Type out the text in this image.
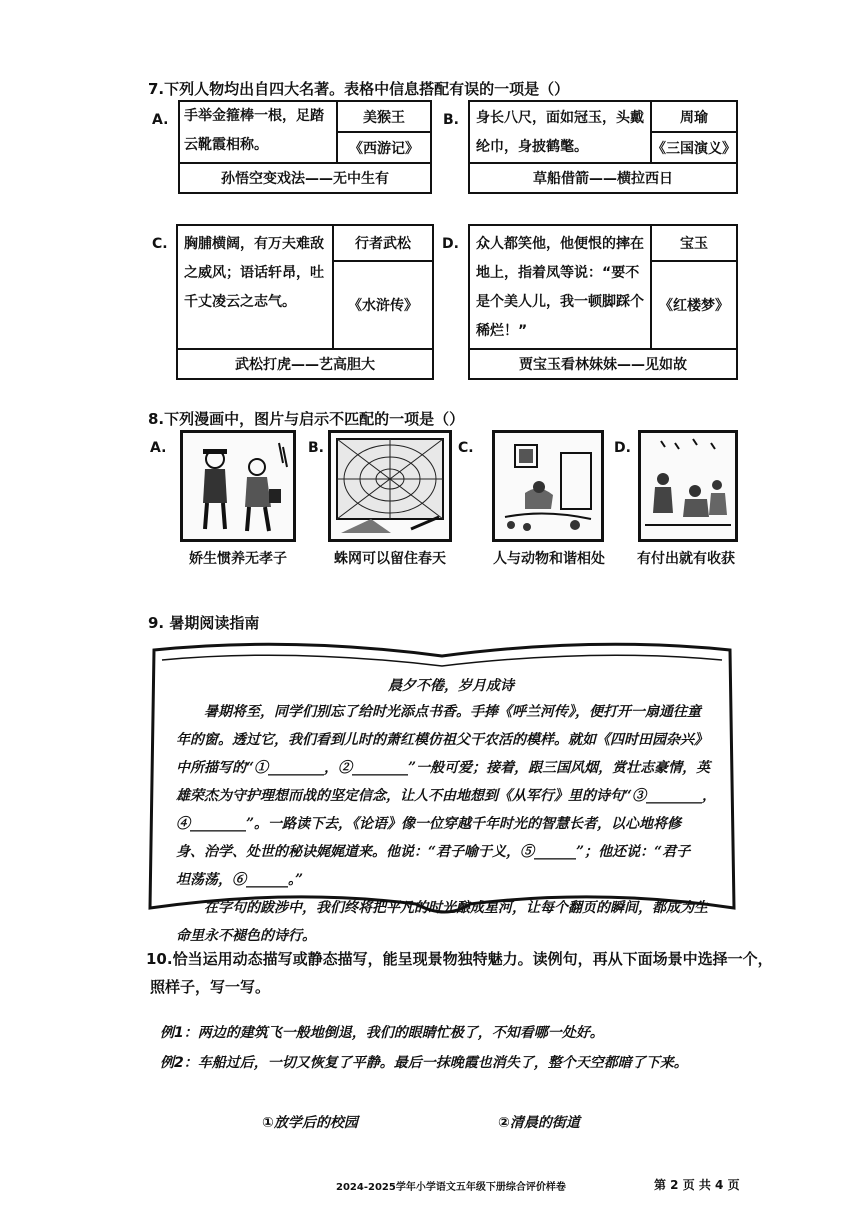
7.下列人物均出自四大名著。表格中信息搭配有误的一项是（）
A.	手举金箍棒一根，足踏云靴霞相称。
美猴王
《西游记》
孙悟空变戏法——无中生有
B. 身长八尺，面如冠玉，头戴纶巾，身披鹤氅。
周瑜
《三国演义》
草船借箭——横拉西日
C. 胸脯横阔，有万夫难敌之威风；语话轩昂，吐千丈凌云之志气。
行者武松
《水浒传》
武松打虎——艺高胆大
D. 众人都笑他，他便恨的摔在地上，指着凤等说：“要不是个美人儿，我一顿脚踩个稀烂！”
宝玉
《红楼梦》
贾宝玉看林妹妹——见如故
8.下列漫画中，图片与启示不匹配的一项是（）
A.
娇生惯养无孝子
B.
蛛网可以留住春天
C.
人与动物和谐相处
D.
有付出就有收获
9. 暑期阅读指南
晨夕不倦，岁月成诗
暑期将至，同学们别忘了给时光添点书香。手捧《呼兰河传》，便打开一扇通往童
年的窗。透过它，我们看到儿时的萧红模仿祖父干农活的模样。就如《四时田园杂兴》
中所描写的“①________，②________”一般可爱；接着，跟三国风烟，赏壮志豪情，英
雄荣杰为守护理想而战的坚定信念，让人不由地想到《从军行》里的诗句“③________，
④________”。一路读下去，《论语》像一位穿越千年时光的智慧长者，以心地将修
身、治学、处世的秘诀娓娓道来。他说：“君子喻于义，⑤______”；他还说：“君子
坦荡荡，⑥______。”
在字句的跋涉中，我们终将把平凡的时光酿成星河，让每个翻页的瞬间，都成为生
命里永不褪色的诗行。
10.恰当运用动态描写或静态描写，能呈现景物独特魅力。读例句，再从下面场景中选择一个，
照样子，写一写。
例1：两边的建筑飞一般地倒退，我们的眼睛忙极了，不知看哪一处好。
例2：车船过后，一切又恢复了平静。最后一抹晚霞也消失了，整个天空都暗了下来。
①放学后的校园	②清晨的街道
2024-2025学年小学语文五年级下册综合评价样卷	第 2 页 共 4 页
